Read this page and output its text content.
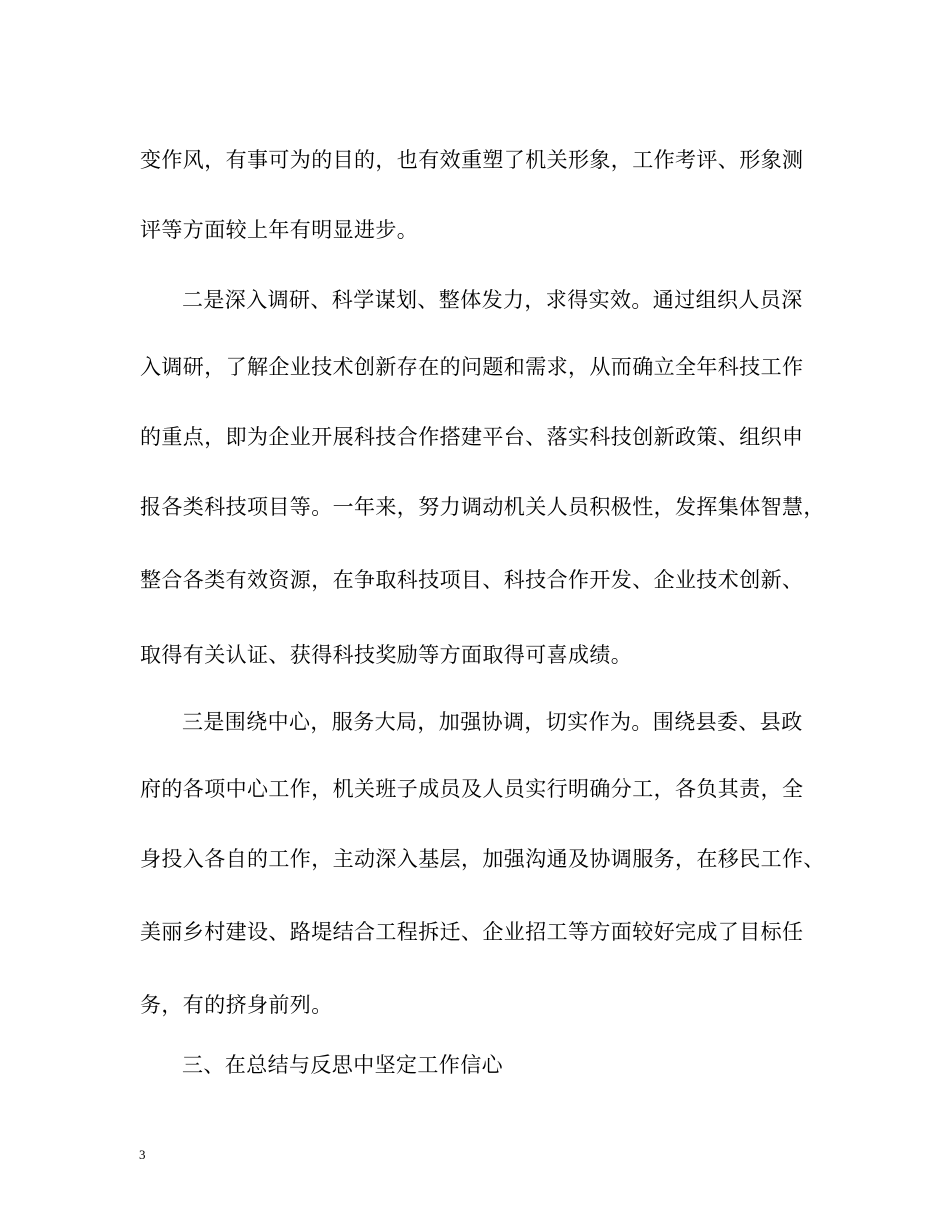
变作风，有事可为的目的，也有效重塑了机关形象，工作考评、形象测
评等方面较上年有明显进步。
二是深入调研、科学谋划、整体发力，求得实效。通过组织人员深
入调研，了解企业技术创新存在的问题和需求，从而确立全年科技工作
的重点，即为企业开展科技合作搭建平台、落实科技创新政策、组织申
报各类科技项目等。一年来，努力调动机关人员积极性，发挥集体智慧，
整合各类有效资源，在争取科技项目、科技合作开发、企业技术创新、
取得有关认证、获得科技奖励等方面取得可喜成绩。
三是围绕中心，服务大局，加强协调，切实作为。围绕县委、县政
府的各项中心工作，机关班子成员及人员实行明确分工，各负其责，全
身投入各自的工作，主动深入基层，加强沟通及协调服务，在移民工作、
美丽乡村建设、路堤结合工程拆迁、企业招工等方面较好完成了目标任
务，有的挤身前列。
三、在总结与反思中坚定工作信心
3
